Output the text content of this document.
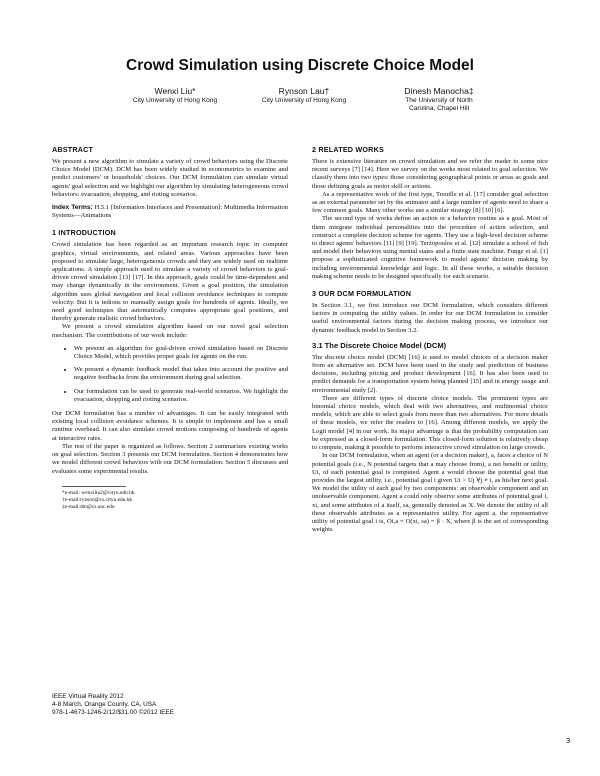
Crowd Simulation using Discrete Choice Model
Wenxi Liu*
City University of Hong Kong
Rynson Lau†
City University of Hong Kong
Dinesh Manocha‡
The University of North
Carolina, Chapel Hill
ABSTRACT

We present a new algorithm to simulate a variety of crowd behaviors using the Discrete Choice Model (DCM). DCM has been widely studied in econometrics to examine and predict customers' or households' choices. Our DCM formulation can simulate virtual agents' goal selection and we highlight our algorithm by simulating heterogeneous crowd behaviors: evacuation, shopping, and rioting scenarios.

Index Terms: H.5.1 [Information Interfaces and Presentation]: Multimedia Information Systems—Animations

1 INTRODUCTION

Crowd simulation has been regarded as an important research topic in computer graphics, virtual environments, and related areas. Various approaches have been proposed to simulate large, heterogeneous crowds and they are widely used on realtime applications. A simple approach used to simulate a variety of crowd behaviors is goal-driven crowd simulation [13] [17]. In this approach, goals could be time-dependent and may change dynamically in the environment. Given a goal position, the simulation algorithm uses global navigation and local collision avoidance techniques to compute velocity. But it is tedious to manually assign goals for hundreds of agents. Ideally, we need good techniques that automatically computes appropriate goal positions, and thereby generate realistic crowd behaviors.

We present a crowd simulation algorithm based on our novel goal selection mechanism. The contributions of our work include:

• We present an algorithm for goal-driven crowd simulation based on Discrete Choice Model, which provides proper goals for agents on the run.
• We present a dynamic feedback model that takes into account the positive and negative feedbacks from the environment during goal selection.
• Our formulation can be used to generate real-world scenarios. We highlight the evacuation, shopping and rioting scenarios.

Our DCM formulation has a number of advantages. It can be easily integrated with existing local collision avoidance schemes. It is simple to implement and has a small runtime overhead. It can also simulate crowd motions composing of hundreds of agents at interactive rates.

The rest of the paper is organized as follows. Section 2 summarizes existing works on goal selection. Section 3 presents our DCM formulation. Section 4 demonstrates how we model different crowd behaviors with our DCM formulation. Section 5 discusses and evaluates some experimental results.

*e-mail: wenxiliu2@cityu.edu.hk
†e-mail:rynson@cs.cityu.edu.hk
‡e-mail:dm@cs.unc.edu
IEEE Virtual Reality 2012
4-8 March, Orange County, CA, USA
978-1-4673-1246-2/12/$31.00 ©2012 IEEE
2 RELATED WORKS

There is extensive literature on crowd simulation and we refer the reader to some nice recent surveys [7] [14]. Here we survey on the works most related to goal selection. We classify them into two types: those considering geographical points or areas as goals and those defining goals as motor skill or actions.

As a representative work of the first type, Treuille et al. [17] consider goal selection as an external parameter set by the animator and a large number of agents need to share a few common goals. Many other works use a similar strategy [8] [10] [6].

The second type of works define an action or a behavior routine as a goal. Most of them integrate individual personalities into the procedure of action selection, and construct a complete decision scheme for agents. They use a high-level decision scheme to direct agents' behaviors [11] [9] [19]. Terzopoulos et al. [12] simulate a school of fish and model their behaviors using mental states and a finite state machine. Funge et al. [1] propose a sophisticated cognitive framework to model agents' decision making by including environmental knowledge and logic. In all these works, a suitable decision making scheme needs to be designed specifically for each scenario.

3 OUR DCM FORMULATION

In Section 3.1, we first introduce our DCM formulation, which considers different factors in computing the utility values. In order for our DCM formulation to consider useful environmental factors during the decision making process, we introduce our dynamic feedback model in Section 3.2.

3.1 The Discrete Choice Model (DCM)

The discrete choice model (DCM) [16] is used to model choices of a decision maker from an alternative set. DCM have been used in the study and prediction of business decisions, including pricing and product development [16]. It has also been used to predict demands for a transportation system being planned [15] and in energy usage and environmental study [2].

There are different types of discrete choice models. The prominent types are binomial choice models, which deal with two alternatives, and multinomial choice models, which are able to select goals from more than two alternatives. For more details of these models, we refer the readers to [16]. Among different models, we apply the Logit model [4] in our work. Its major advantage is that the probability computation can be expressed as a closed-form formulation. This closed-form solution is relatively cheap to compute, making it possible to perform interactive crowd simulation on large crowds.

In our DCM formulation, when an agent (or a decision maker), a, faces a choice of N potential goals (i.e., N potential targets that a may choose from), a net benefit or utility, Ui, of each potential goal is computed. Agent a would choose the potential goal that provides the largest utility, i.e., potential goal i given Ui > Uj ∀j ≠ i, as his/her next goal. We model the utility of each goal by two components: an observable component and an unobservable component. Agent a could only observe some attributes of potential goal i, xi, and some attributes of a itself, sa, generally denoted as X. We denote the utility of all these observable attributes as a representative utility. For agent a, the representative utility of potential goal i is, Oi,a = O(xi, sa) = β · X, where β is the set of corresponding weights

3
